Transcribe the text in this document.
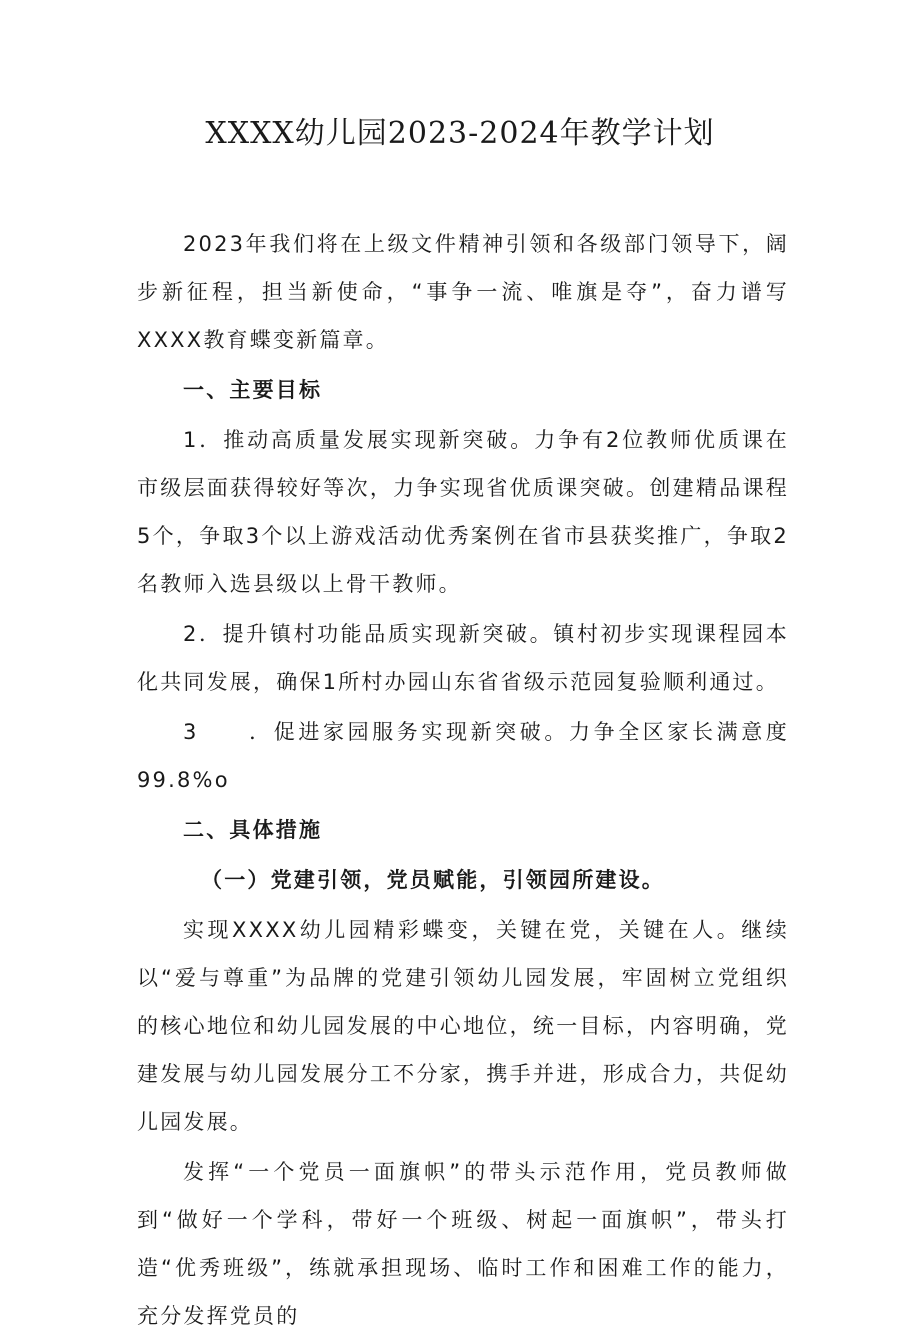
XXXX幼儿园2023-2024年教学计划

2023年我们将在上级文件精神引领和各级部门领导下，阔步新征程，担当新使命，“事争一流、唯旗是夺”，奋力谱写XXXX教育蝶变新篇章。

一、主要目标

1．推动高质量发展实现新突破。力争有2位教师优质课在市级层面获得较好等次，力争实现省优质课突破。创建精品课程5个，争取3个以上游戏活动优秀案例在省市县获奖推广，争取2名教师入选县级以上骨干教师。

2．提升镇村功能品质实现新突破。镇村初步实现课程园本化共同发展，确保1所村办园山东省省级示范园复验顺利通过。

3　　．促进家园服务实现新突破。力争全区家长满意度99.8%o

二、具体措施
（一）党建引领，党员赋能，引领园所建设。

实现XXXX幼儿园精彩蝶变，关键在党，关键在人。继续以“爱与尊重”为品牌的党建引领幼儿园发展，牢固树立党组织的核心地位和幼儿园发展的中心地位，统一目标，内容明确，党建发展与幼儿园发展分工不分家，携手并进，形成合力，共促幼儿园发展。

发挥“一个党员一面旗帜”的带头示范作用，党员教师做到“做好一个学科，带好一个班级、树起一面旗帜”，带头打造“优秀班级”，练就承担现场、临时工作和困难工作的能力，充分发挥党员的
